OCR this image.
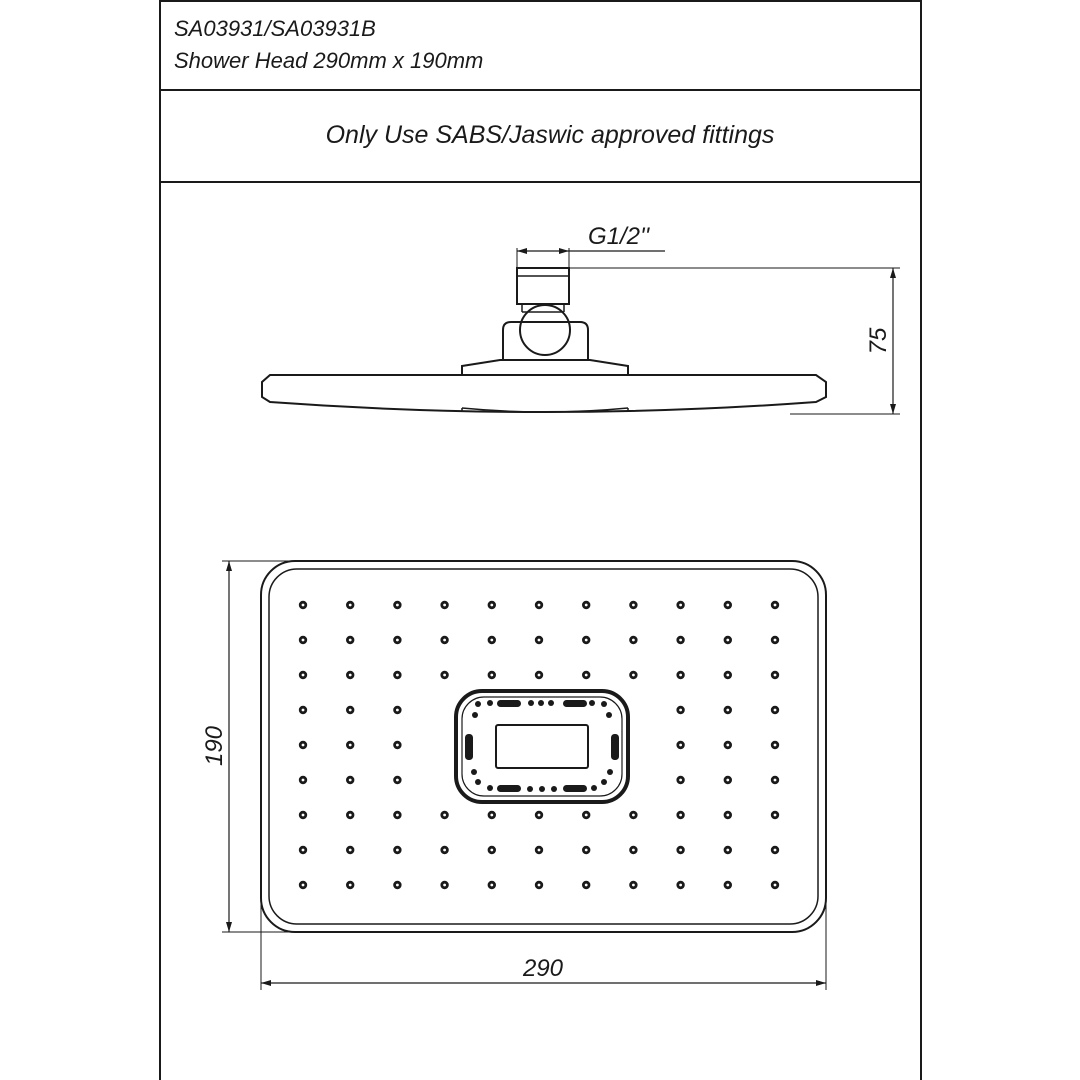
SA03931/SA03931B
Shower Head 290mm x 190mm
Only Use SABS/Jaswic approved fittings
G1/2''
75
190
290
